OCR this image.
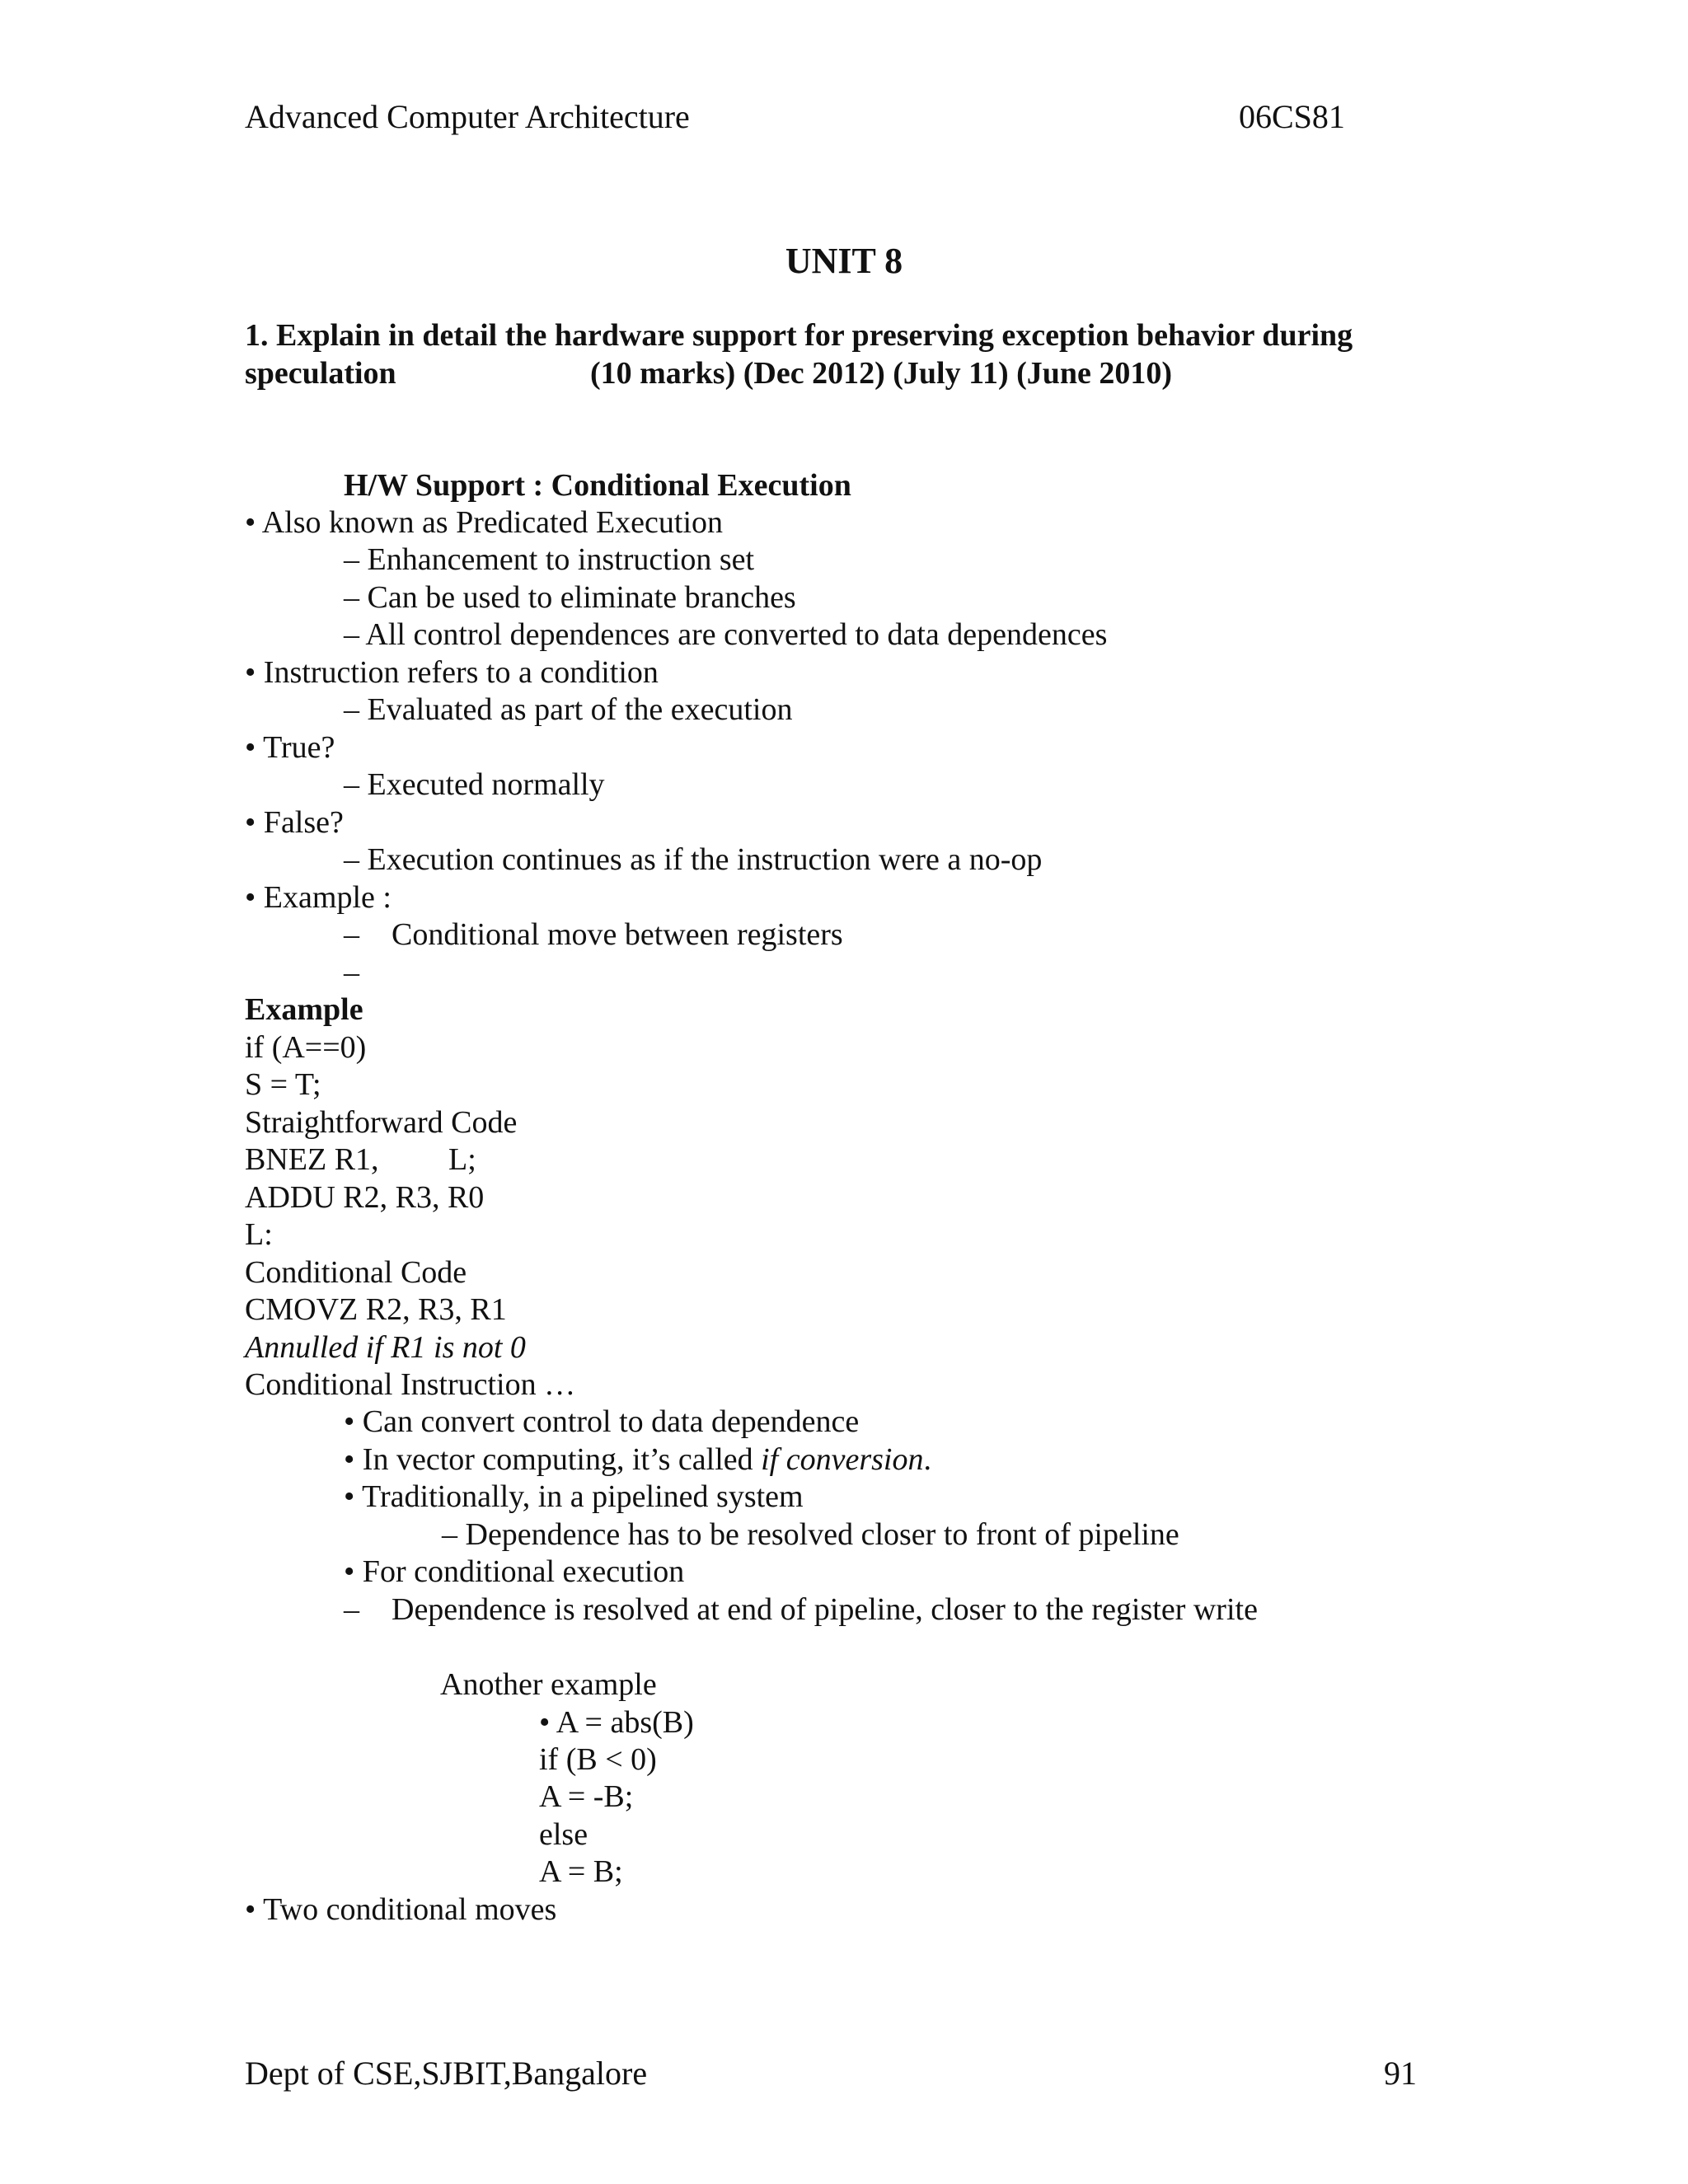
Advanced Computer Architecture	06CS81
UNIT 8
1. Explain in detail the hardware support for preserving exception behavior during
speculation	(10 marks) (Dec 2012) (July 11) (June 2010)
H/W Support : Conditional Execution
• Also known as Predicated Execution
– Enhancement to instruction set
– Can be used to eliminate branches
– All control dependences are converted to data dependences
• Instruction refers to a condition
– Evaluated as part of the execution
• True?
– Executed normally
• False?
– Execution continues as if the instruction were a no-op
• Example :
– Conditional move between registers
–
Example
if (A==0)
S = T;
Straightforward Code
BNEZ R1, L;
ADDU R2, R3, R0
L:
Conditional Code
CMOVZ R2, R3, R1
Annulled if R1 is not 0
Conditional Instruction …
• Can convert control to data dependence
• In vector computing, it’s called if conversion.
• Traditionally, in a pipelined system
– Dependence has to be resolved closer to front of pipeline
• For conditional execution
– Dependence is resolved at end of pipeline, closer to the register write
Another example
• A = abs(B)
if (B < 0)
A = -B;
else
A = B;
• Two conditional moves
Dept of CSE,SJBIT,Bangalore	91
